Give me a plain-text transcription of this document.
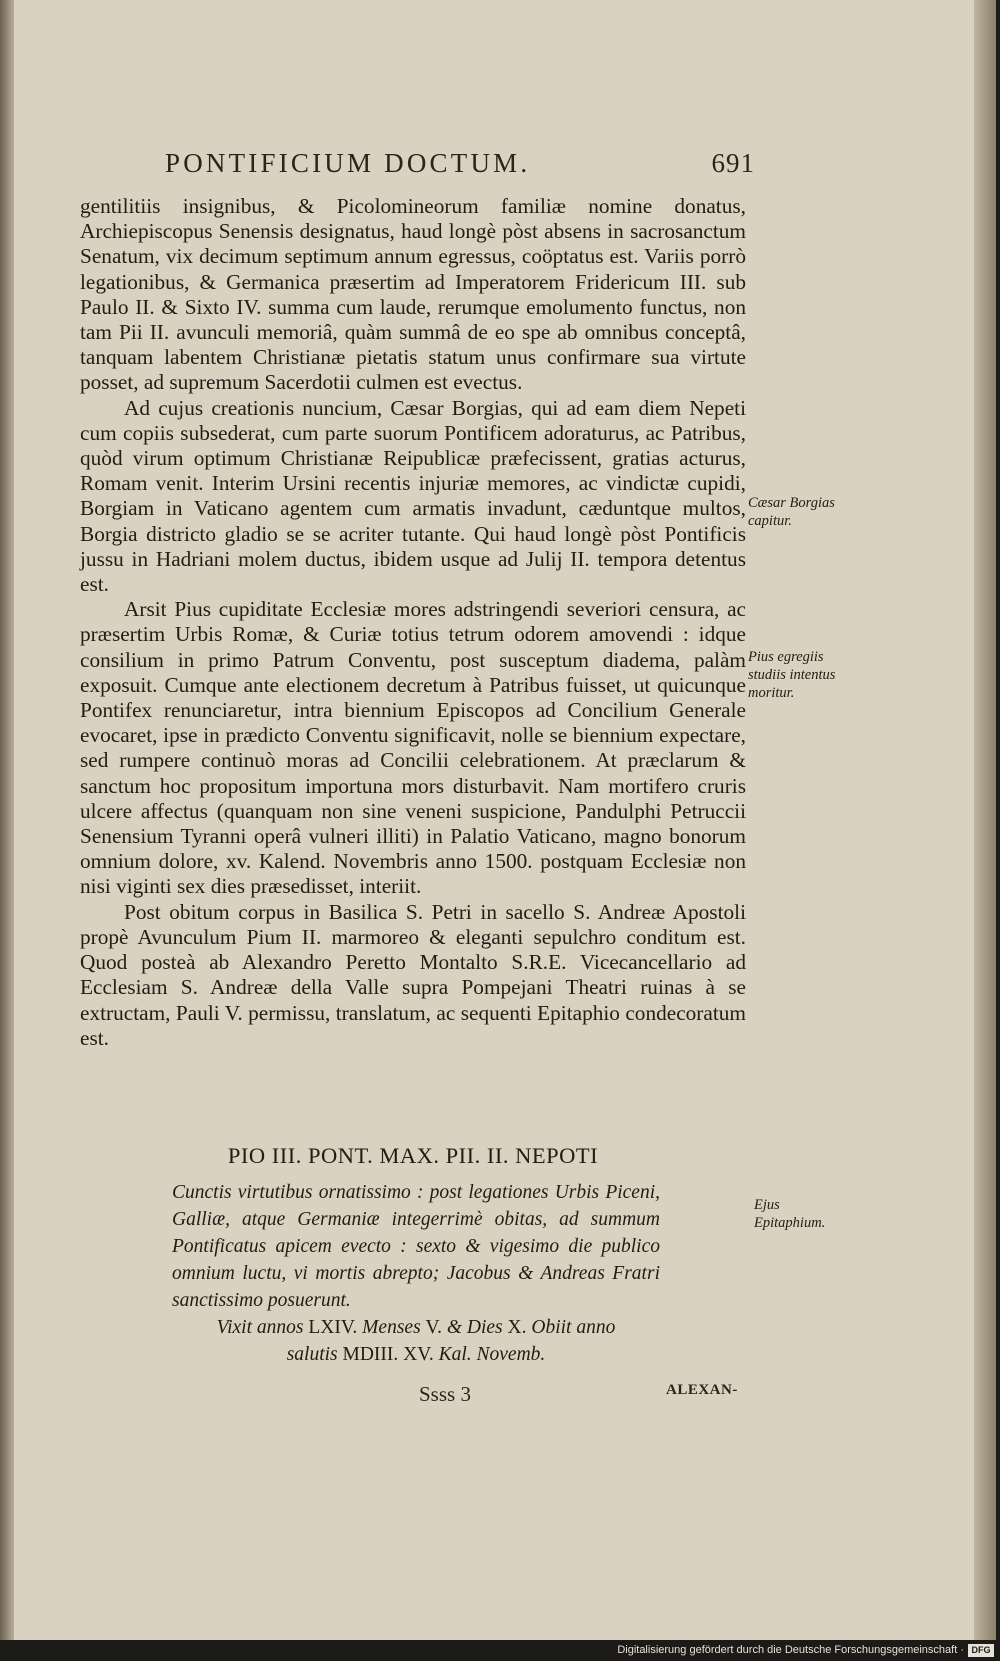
PONTIFICIUM DOCTUM.	691

gentilitiis insignibus, & Picolomineorum familiæ nomine donatus, Archiepiscopus Senensis designatus, haud longè pòst absens in sacrosanctum Senatum, vix decimum septimum annum egressus, coöptatus est. Variis porrò legationibus, & Germanica præsertim ad Imperatorem Fridericum III. sub Paulo II. & Sixto IV. summa cum laude, rerumque emolumento functus, non tam Pii II. avunculi memoriâ, quàm summâ de eo spe ab omnibus conceptâ, tanquam labentem Christianæ pietatis statum unus confirmare sua virtute posset, ad supremum Sacerdotii culmen est evectus.

Ad cujus creationis nuncium, Cæsar Borgias, qui ad eam diem Nepeti cum copiis subsederat, cum parte suorum Pontificem adoraturus, ac Patribus, quòd virum optimum Christianæ Reipublicæ præfecissent, gratias acturus, Romam venit. Interim Ursini recentis injuriæ memores, ac vindictæ cupidi, Borgiam in Vaticano agentem cum armatis invadunt, cæduntque multos, Borgia districto gladio se se acriter tutante. Qui haud longè pòst Pontificis jussu in Hadriani molem ductus, ibidem usque ad Julij II. tempora detentus est.

Arsit Pius cupiditate Ecclesiæ mores adstringendi severiori censura, ac præsertim Urbis Romæ, & Curiæ totius tetrum odorem amovendi : idque consilium in primo Patrum Conventu, post susceptum diadema, palàm exposuit. Cumque ante electionem decretum à Patribus fuisset, ut quicunque Pontifex renunciaretur, intra biennium Episcopos ad Concilium Generale evocaret, ipse in prædicto Conventu significavit, nolle se biennium expectare, sed rumpere continuò moras ad Concilii celebrationem. At præclarum & sanctum hoc propositum importuna mors disturbavit. Nam mortifero cruris ulcere affectus (quanquam non sine veneni suspicione, Pandulphi Petruccii Senensium Tyranni operâ vulneri illiti) in Palatio Vaticano, magno bonorum omnium dolore, xv. Kalend. Novembris anno 1500. postquam Ecclesiæ non nisi viginti sex dies præsedisset, interiit.

Post obitum corpus in Basilica S. Petri in sacello S. Andreæ Apostoli propè Avunculum Pium II. marmoreo & eleganti sepulchro conditum est. Quod posteà ab Alexandro Peretto Montalto S.R.E. Vicecancellario ad Ecclesiam S. Andreæ della Valle supra Pompejani Theatri ruinas à se extructam, Pauli V. permissu, translatum, ac sequenti Epitaphio condecoratum est.

Cæsar Borgias capitur.
Pius egregiis studiis intentus moritur.
Ejus Epitaphium.
PIO III. PONT. MAX. PII. II. NEPOTI
Cunctis virtutibus ornatissimo : post legationes Urbis Piceni, Galliæ, atque Germaniæ integerrimè obitas, ad summum Pontificatus apicem evecto : sexto & vigesimo die publico omnium luctu, vi mortis abrepto; Jacobus & Andreas Fratri sanctissimo posuerunt.
Vixit annos LXIV. Menses V. & Dies X. Obiit anno
salutis MDIII. XV. Kal. Novemb.
Ssss 3	ALEXAN-
Digitalisierung gefördert durch die Deutsche Forschungsgemeinschaft · DFG
